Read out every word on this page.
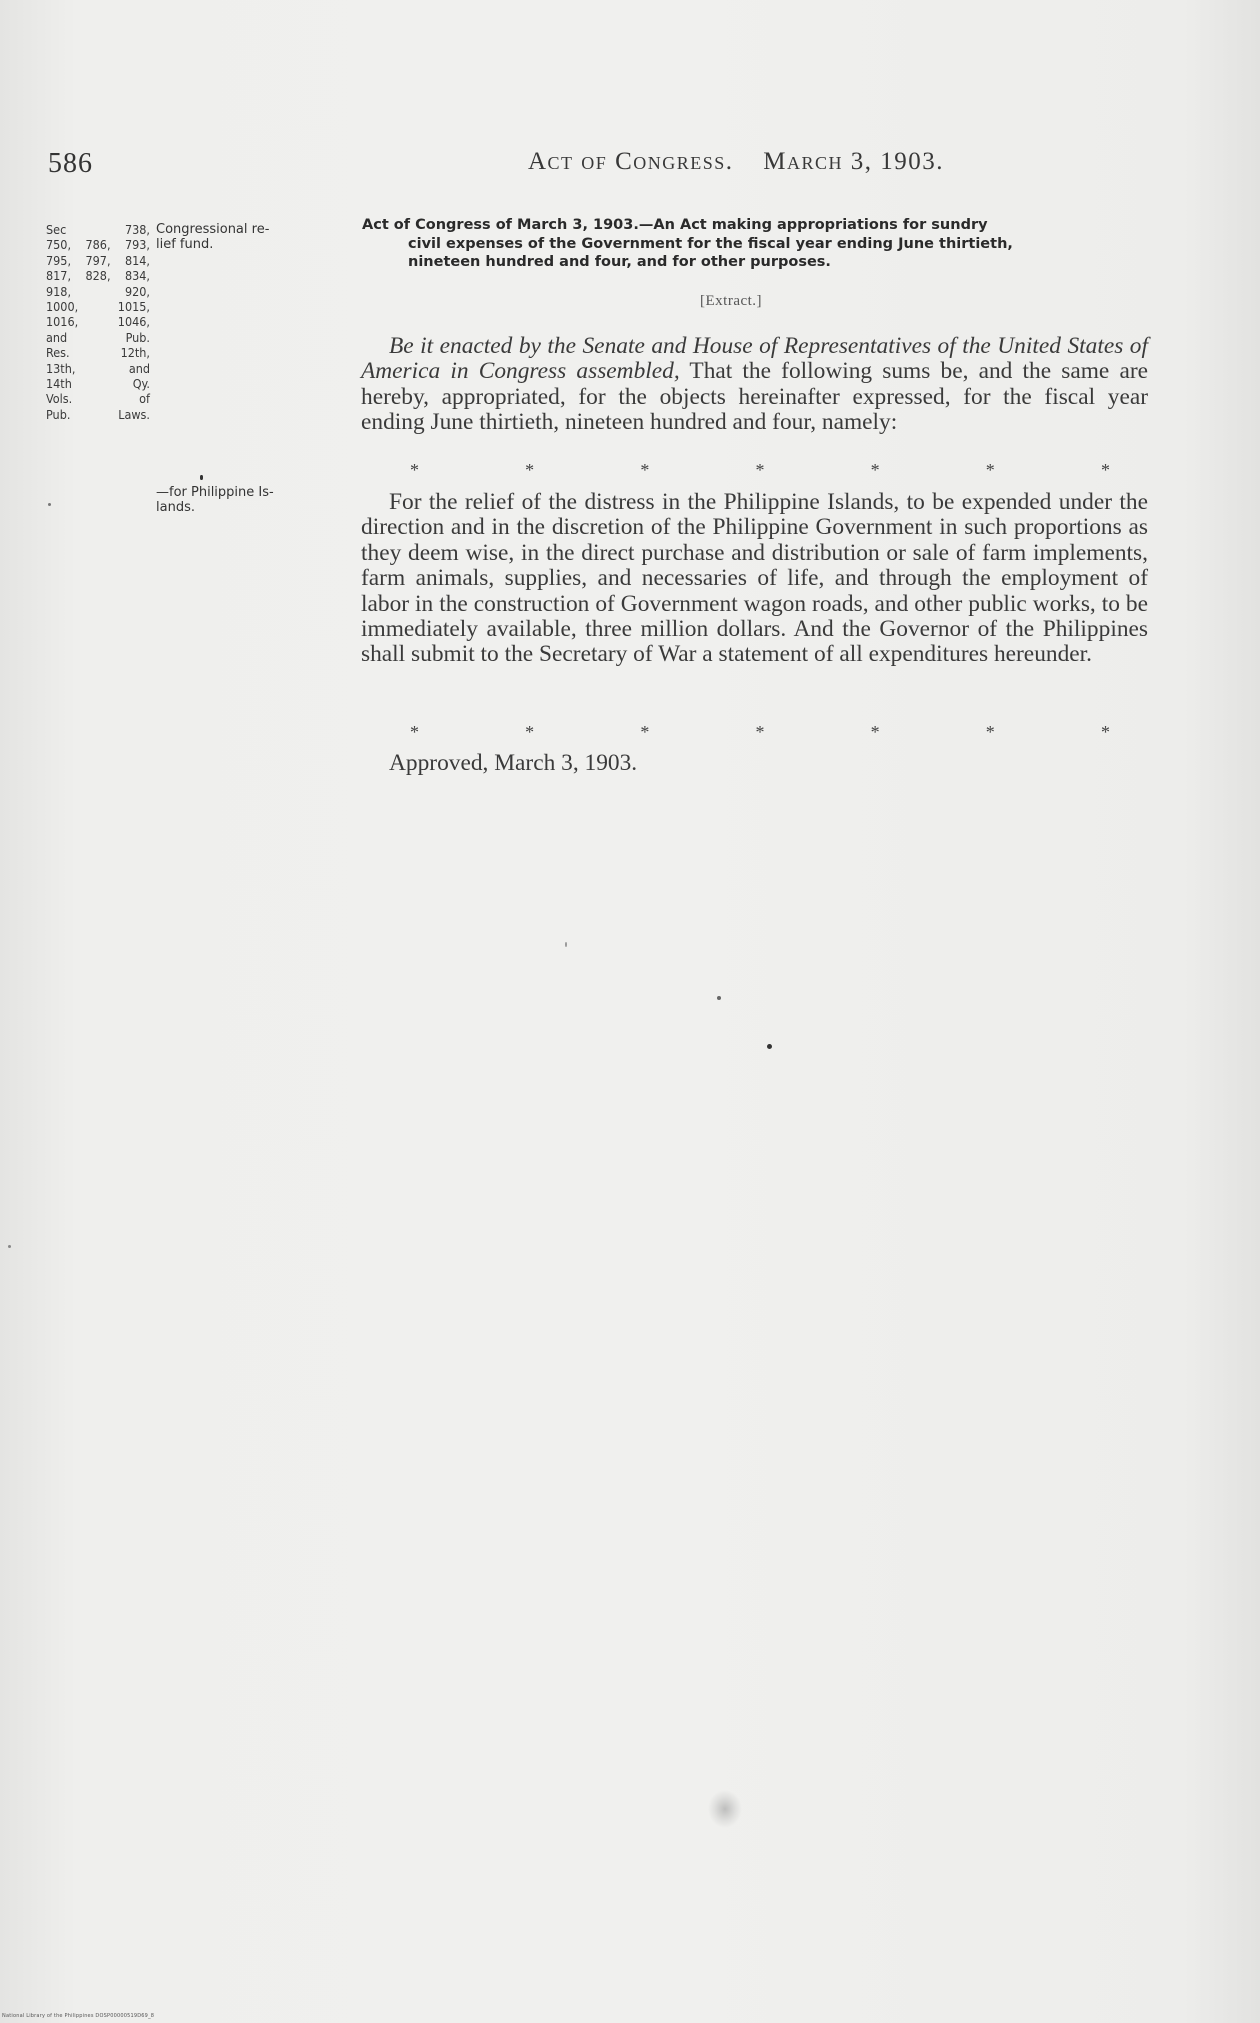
586	Act of Congress. March 3, 1903.
Sec 738,
750, 786, 793,
795, 797, 814,
817, 828, 834,
918, 920,
1000, 1015,
1016, 1046,
and Pub.
Res. 12th,
13th, and
14th Qy.
Vols. of
Pub. Laws.
Congressional re-
lief fund.
—for Philippine Is-
lands.
Act of Congress of March 3, 1903.—An Act making appropriations for sundry
civil expenses of the Government for the fiscal year ending June thirtieth,
nineteen hundred and four, and for other purposes.
[Extract.]
Be it enacted by the Senate and House of Representatives of the United States of America in Congress assembled, That the following sums be, and the same are hereby, appropriated, for the objects hereinafter expressed, for the fiscal year ending June thirtieth, nineteen hundred and four, namely:
*	*	*	*	*	*	*
For the relief of the distress in the Philippine Islands, to be expended under the direction and in the discretion of the Philippine Government in such proportions as they deem wise, in the direct purchase and distribution or sale of farm implements, farm animals, supplies, and necessaries of life, and through the employment of labor in the construction of Government wagon roads, and other public works, to be immediately available, three million dollars. And the Governor of the Philippines shall submit to the Secretary of War a statement of all expenditures hereunder.
*	*	*	*	*	*	*
Approved, March 3, 1903.
National Library of the Philippines DOSP00000519D69_8
